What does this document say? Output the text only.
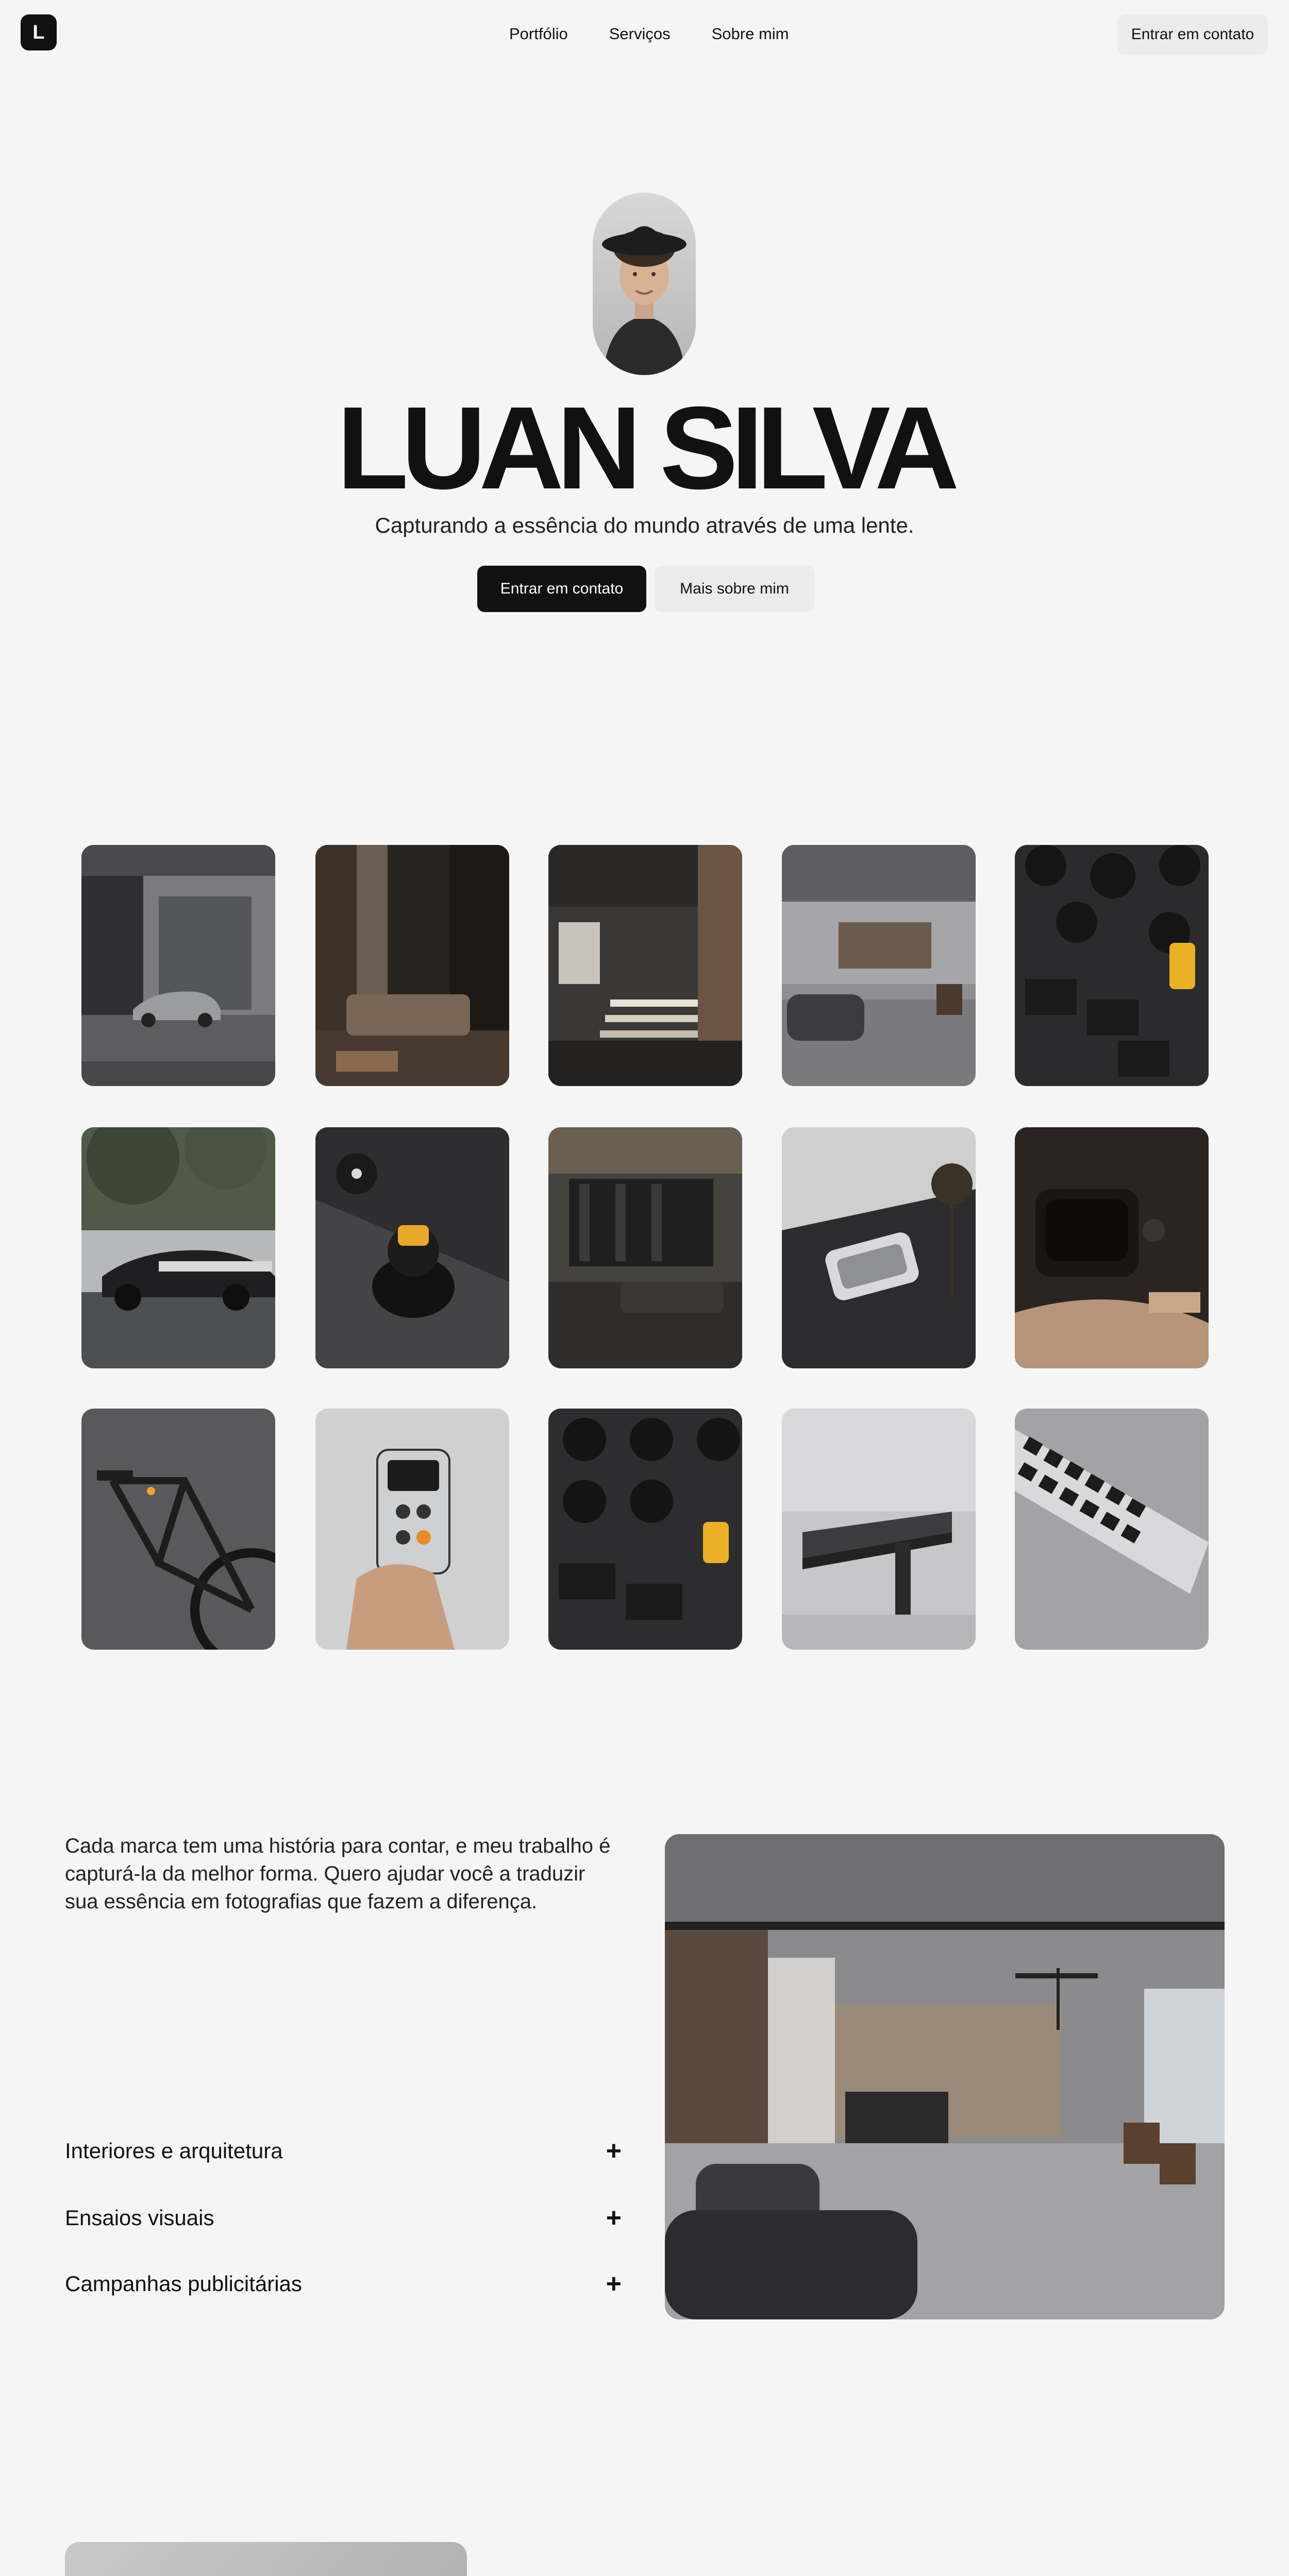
L	Portfólio	Serviços	Sobre mim	Entrar em contato
LUAN SILVA
Capturando a essência do mundo através de uma lente.
Entrar em contato	Mais sobre mim
Cada marca tem uma história para contar, e meu trabalho é capturá-la da melhor forma. Quero ajudar você a traduzir sua essência em fotografias que fazem a diferença.
Interiores e arquitetura	+
Ensaios visuais	+
Campanhas publicitárias	+
